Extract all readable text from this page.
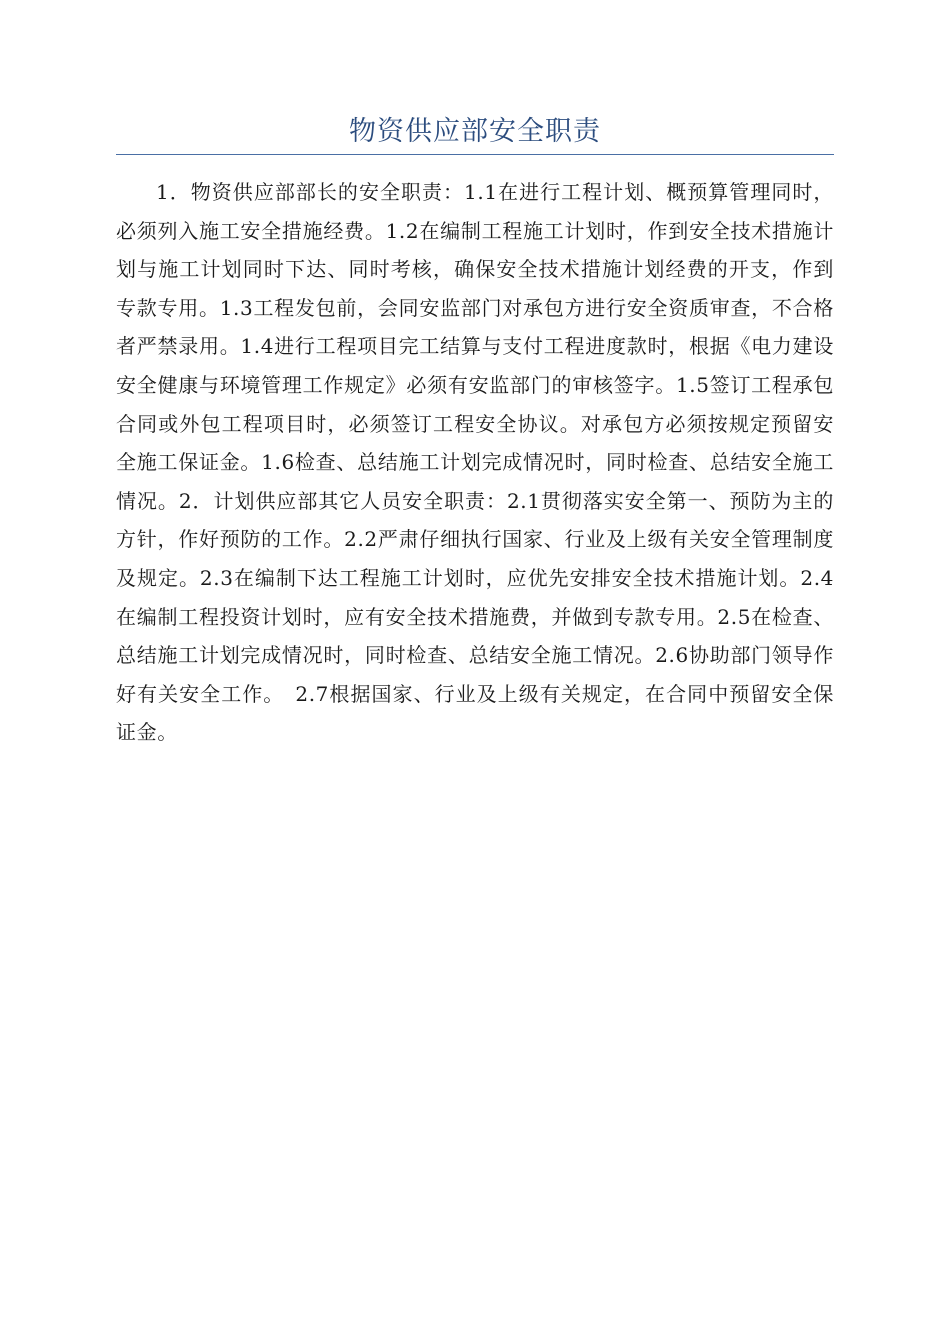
物资供应部安全职责

1．物资供应部部长的安全职责：1.1在进行工程计划、概预算管理同时，必须列入施工安全措施经费。1.2在编制工程施工计划时，作到安全技术措施计划与施工计划同时下达、同时考核，确保安全技术措施计划经费的开支，作到专款专用。1.3工程发包前，会同安监部门对承包方进行安全资质审查，不合格者严禁录用。1.4进行工程项目完工结算与支付工程进度款时，根据《电力建设安全健康与环境管理工作规定》必须有安监部门的审核签字。1.5签订工程承包合同或外包工程项目时，必须签订工程安全协议。对承包方必须按规定预留安全施工保证金。1.6检查、总结施工计划完成情况时，同时检查、总结安全施工情况。2．计划供应部其它人员安全职责：2.1贯彻落实安全第一、预防为主的方针，作好预防的工作。2.2严肃仔细执行国家、行业及上级有关安全管理制度及规定。2.3在编制下达工程施工计划时，应优先安排安全技术措施计划。2.4在编制工程投资计划时，应有安全技术措施费，并做到专款专用。2.5在检查、总结施工计划完成情况时，同时检查、总结安全施工情况。2.6协助部门领导作好有关安全工作。　2.7根据国家、行业及上级有关规定，在合同中预留安全保证金。
